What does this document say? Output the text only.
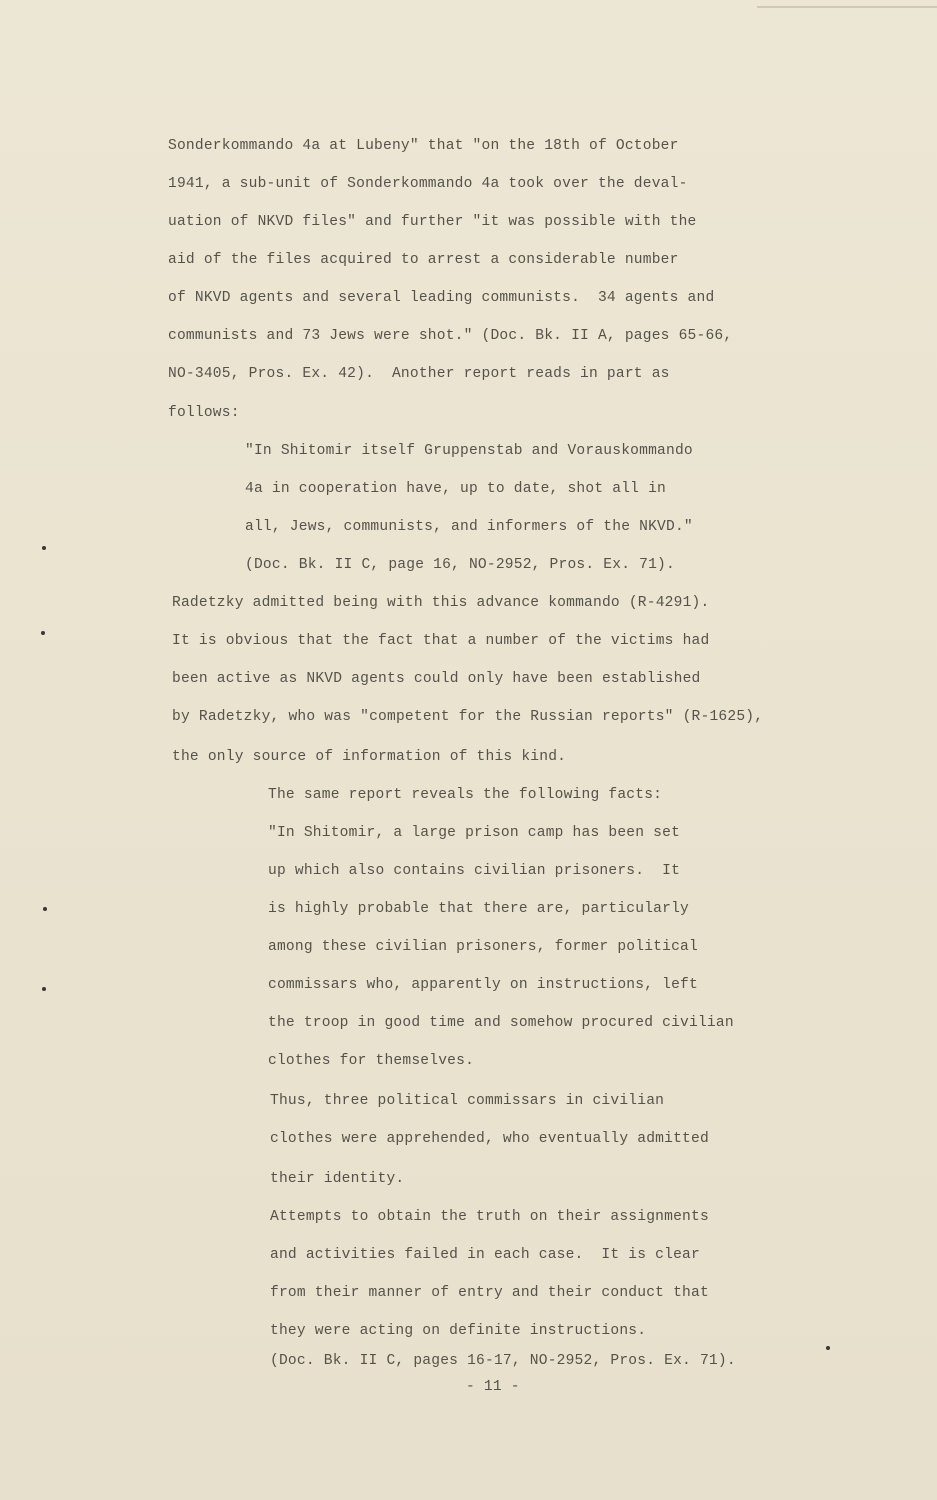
Sonderkommando 4a at Lubeny" that "on the 18th of October
1941, a sub-unit of Sonderkommando 4a took over the deval-
uation of NKVD files" and further "it was possible with the
aid of the files acquired to arrest a considerable number
of NKVD agents and several leading communists.  34 agents and
communists and 73 Jews were shot." (Doc. Bk. II A, pages 65-66,
NO-3405, Pros. Ex. 42).  Another report reads in part as
follows:
"In Shitomir itself Gruppenstab and Vorauskommando
4a in cooperation have, up to date, shot all in
all, Jews, communists, and informers of the NKVD."
(Doc. Bk. II C, page 16, NO-2952, Pros. Ex. 71).
Radetzky admitted being with this advance kommando (R-4291).
It is obvious that the fact that a number of the victims had
been active as NKVD agents could only have been established
by Radetzky, who was "competent for the Russian reports" (R-1625),
the only source of information of this kind.
The same report reveals the following facts:
"In Shitomir, a large prison camp has been set
up which also contains civilian prisoners.  It
is highly probable that there are, particularly
among these civilian prisoners, former political
commissars who, apparently on instructions, left
the troop in good time and somehow procured civilian
clothes for themselves.
Thus, three political commissars in civilian
clothes were apprehended, who eventually admitted
their identity.
Attempts to obtain the truth on their assignments
and activities failed in each case.  It is clear
from their manner of entry and their conduct that
they were acting on definite instructions.
(Doc. Bk. II C, pages 16-17, NO-2952, Pros. Ex. 71).
- 11 -
